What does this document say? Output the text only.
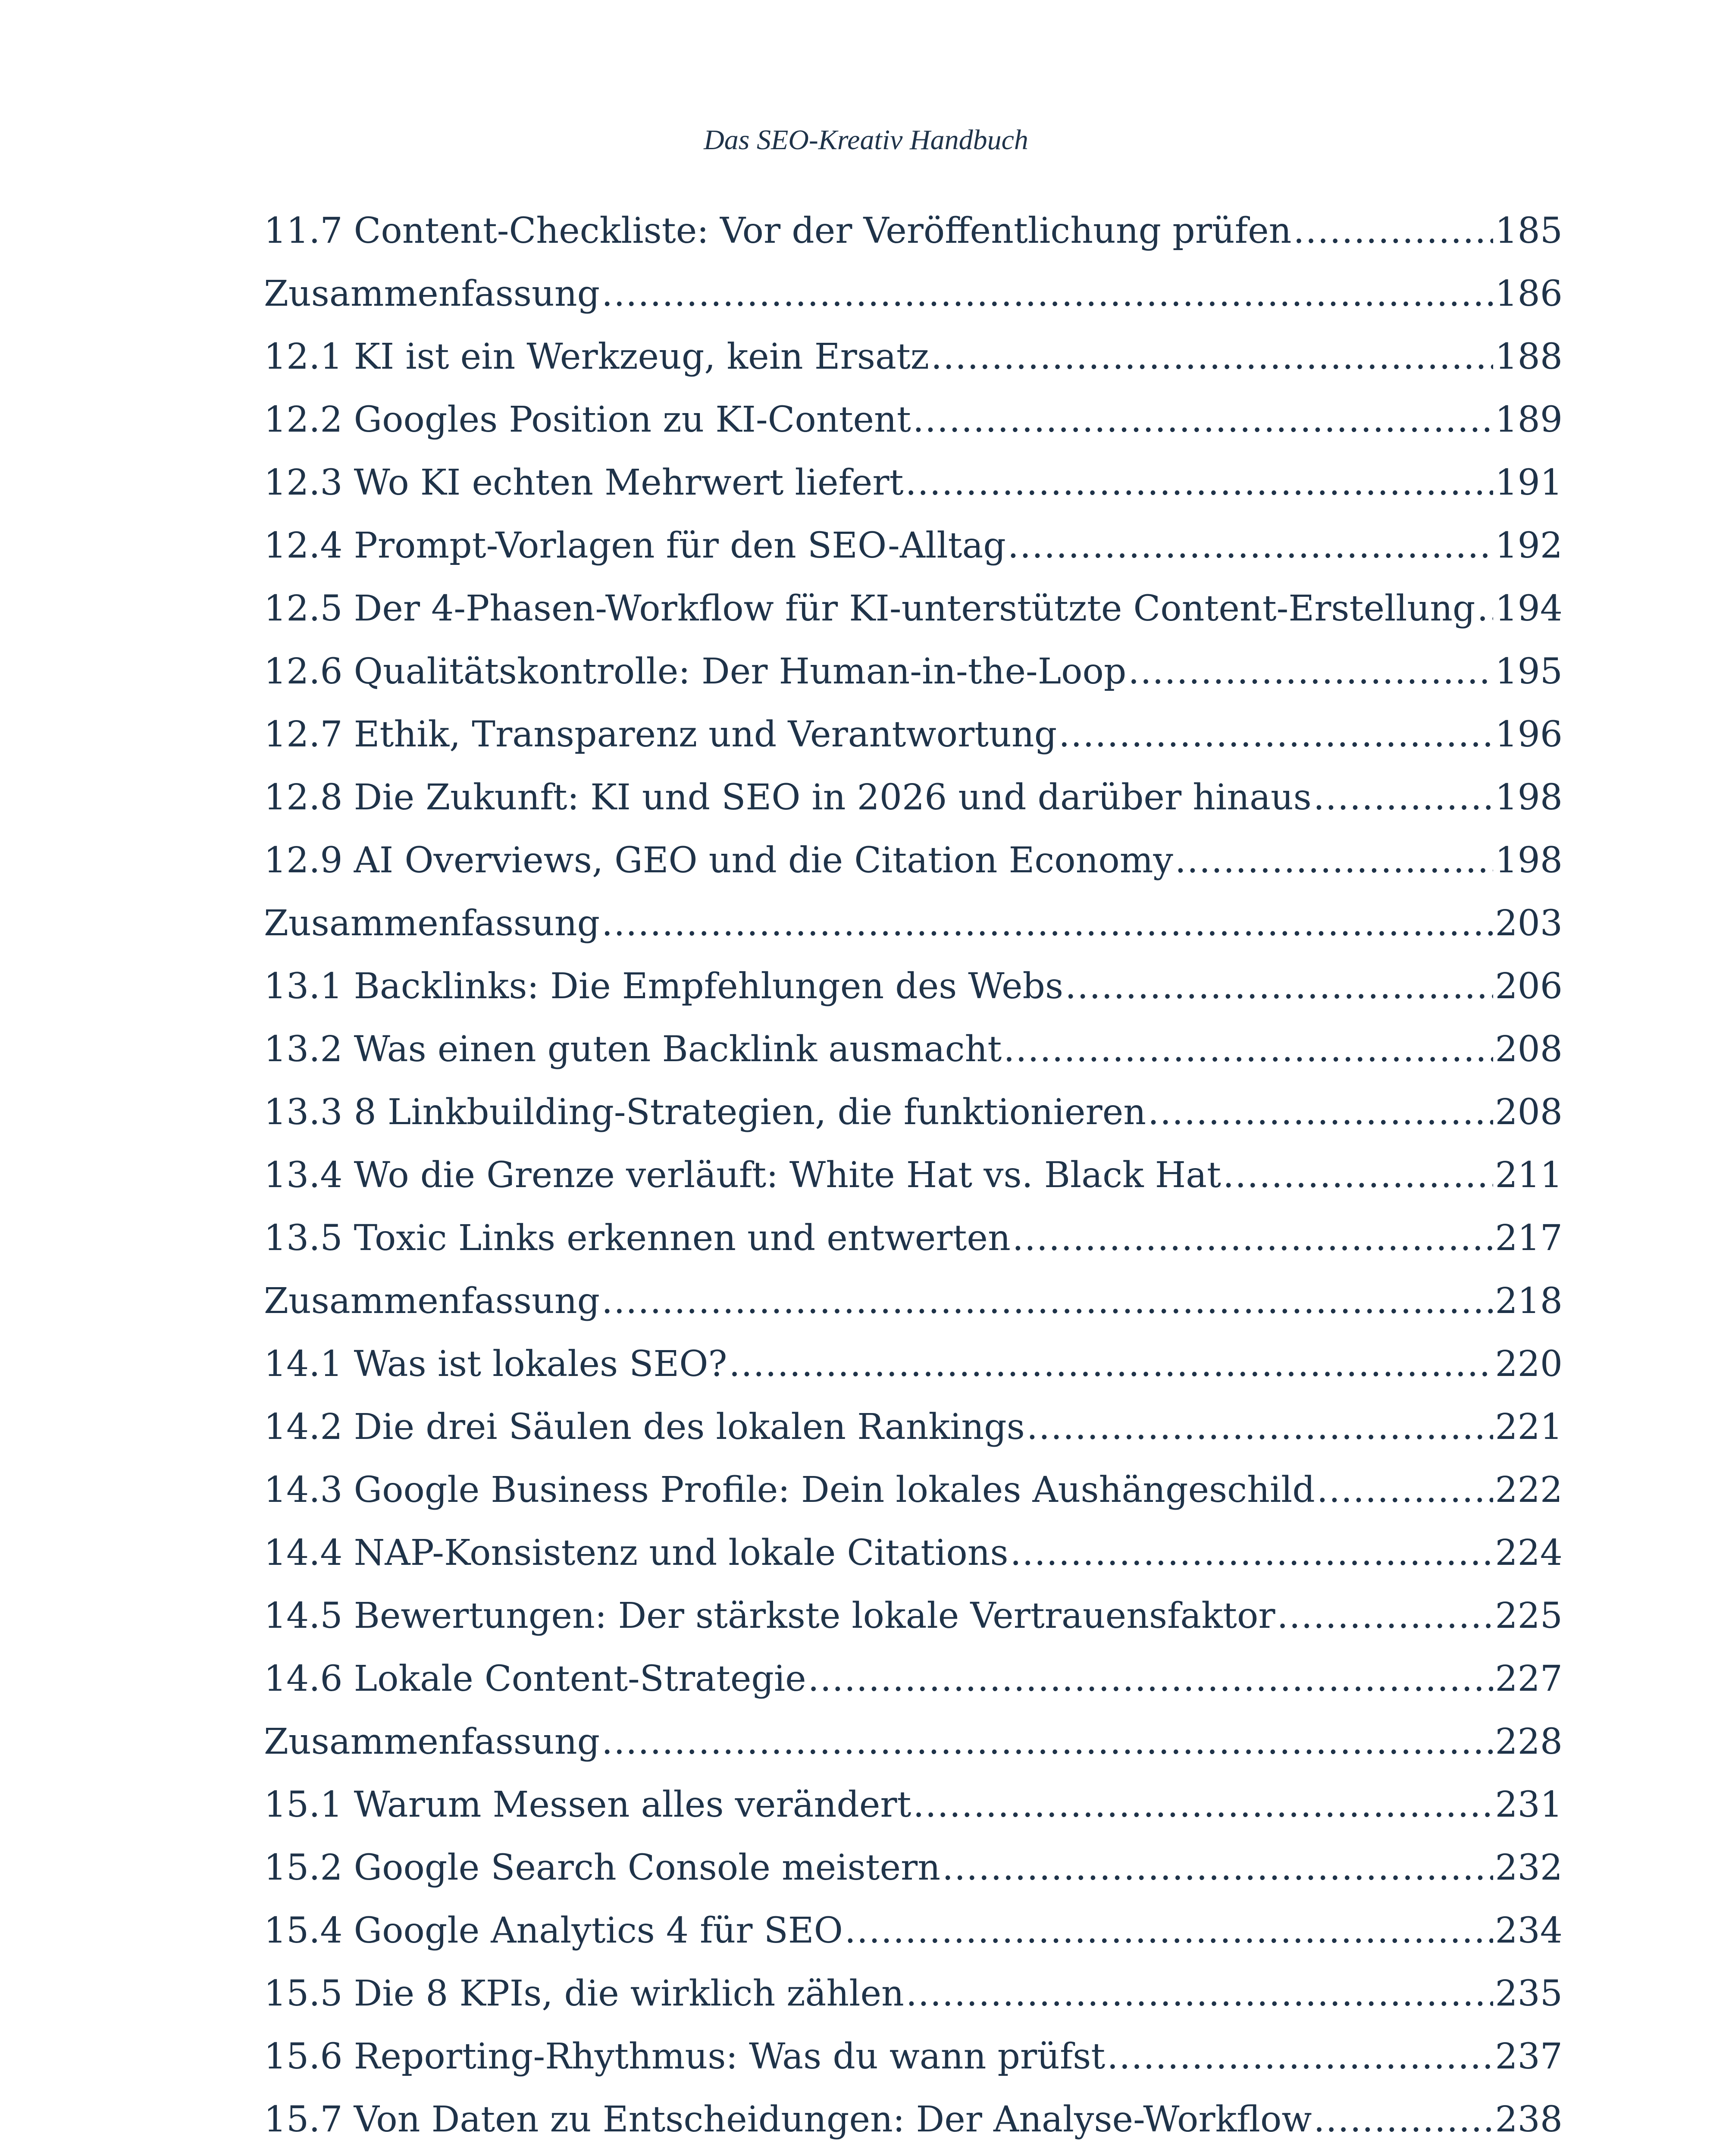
Das SEO-Kreativ Handbuch
11.7 Content-Checkliste: Vor der Veröffentlichung prüfen .....	185
Zusammenfassung .....	186
12.1 KI ist ein Werkzeug, kein Ersatz .....	188
12.2 Googles Position zu KI-Content .....	189
12.3 Wo KI echten Mehrwert liefert .....	191
12.4 Prompt-Vorlagen für den SEO-Alltag .....	192
12.5 Der 4-Phasen-Workflow für KI-unterstützte Content-Erstellung ..... 194
12.6 Qualitätskontrolle: Der Human-in-the-Loop .....	195
12.7 Ethik, Transparenz und Verantwortung .....	196
12.8 Die Zukunft: KI und SEO in 2026 und darüber hinaus .....	198
12.9 AI Overviews, GEO und die Citation Economy .....	198
Zusammenfassung .....	203
13.1 Backlinks: Die Empfehlungen des Webs .....	206
13.2 Was einen guten Backlink ausmacht .....	208
13.3 8 Linkbuilding-Strategien, die funktionieren .....	208
13.4 Wo die Grenze verläuft: White Hat vs. Black Hat .....	211
13.5 Toxic Links erkennen und entwerten .....	217
Zusammenfassung .....	218
14.1 Was ist lokales SEO? .....	220
14.2 Die drei Säulen des lokalen Rankings .....	221
14.3 Google Business Profile: Dein lokales Aushängeschild .....	222
14.4 NAP-Konsistenz und lokale Citations .....	224
14.5 Bewertungen: Der stärkste lokale Vertrauensfaktor .....	225
14.6 Lokale Content-Strategie .....	227
Zusammenfassung .....	228
15.1 Warum Messen alles verändert .....	231
15.2 Google Search Console meistern .....	232
15.4 Google Analytics 4 für SEO .....	234
15.5 Die 8 KPIs, die wirklich zählen .....	235
15.6 Reporting-Rhythmus: Was du wann prüfst .....	237
15.7 Von Daten zu Entscheidungen: Der Analyse-Workflow .....	238
.....
